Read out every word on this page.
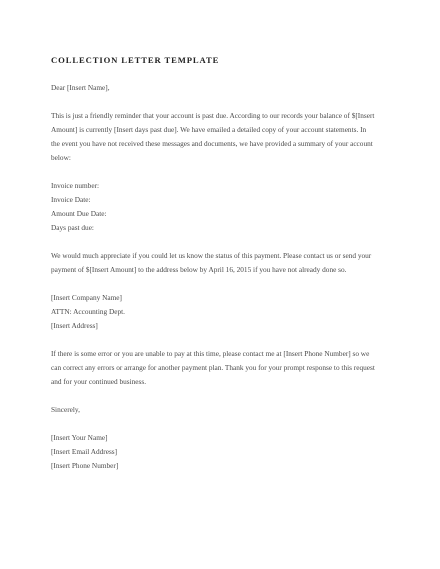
COLLECTION LETTER TEMPLATE
Dear [Insert Name],
This is just a friendly reminder that your account is past due. According to our records your balance of $[Insert
Amount] is currently [Insert days past due]. We have emailed a detailed copy of your account statements. In
the event you have not received these messages and documents, we have provided a summary of your account
below:
Invoice number:
Invoice Date:
Amount Due Date:
Days past due:
We would much appreciate if you could let us know the status of this payment. Please contact us or send your
payment of $[Insert Amount] to the address below by April 16, 2015 if you have not already done so.
[Insert Company Name]
ATTN: Accounting Dept.
[Insert Address]
If there is some error or you are unable to pay at this time, please contact me at [Insert Phone Number] so we
can correct any errors or arrange for another payment plan. Thank you for your prompt response to this request
and for your continued business.
Sincerely,
[Insert Your Name]
[Insert Email Address]
[Insert Phone Number]
